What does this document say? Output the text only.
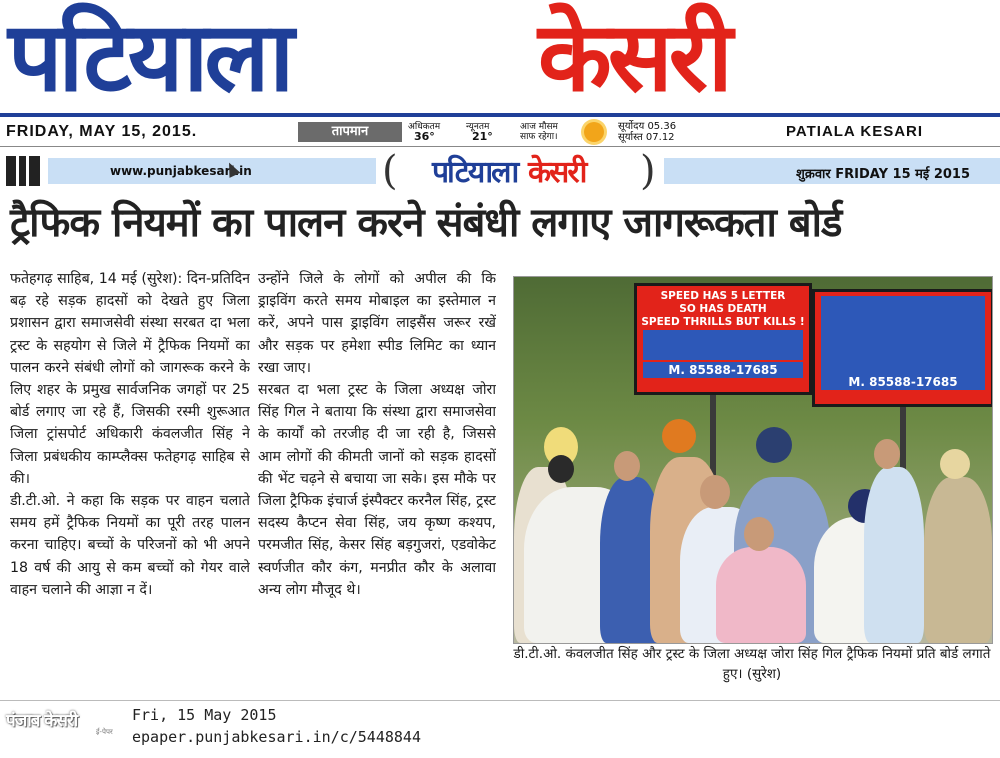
पटियाला	केसरी
FRIDAY, MAY 15, 2015.	तापमान	अधिकतम
36°
न्यूनतम
21°
आज मौसम
साफ रहेगा।
सूर्योदय 05.36
सूर्यास्त 07.12	PATIALA KESARI
www.punjabkesari.in	( पटियाला केसरी )	शुक्रवार FRIDAY 15 मई 2015
ट्रैफिक नियमों का पालन करने संबंधी लगाए जागरूकता बोर्ड

फतेहगढ़ साहिब, 14 मई (सुरेश): दिन-प्रतिदिन बढ़ रहे सड़क हादसों को देखते हुए जिला प्रशासन द्वारा समाजसेवी संस्था सरबत दा भला ट्रस्ट के सहयोग से जिले में ट्रैफिक नियमों का पालन करने संबंधी लोगों को जागरूक करने के लिए शहर के प्रमुख सार्वजनिक जगहों पर 25 बोर्ड लगाए जा रहे हैं, जिसकी रस्मी शुरूआत जिला ट्रांसपोर्ट अधिकारी कंवलजीत सिंह ने जिला प्रबंधकीय काम्प्लैक्स फतेहगढ़ साहिब से की।

डी.टी.ओ. ने कहा कि सड़क पर वाहन चलाते समय हमें ट्रैफिक नियमों का पूरी तरह पालन करना चाहिए। बच्चों के परिजनों को भी अपने 18 वर्ष की आयु से कम बच्चों को गेयर वाले वाहन चलाने की आज्ञा न दें।

उन्होंने जिले के लोगों को अपील की कि ड्राइविंग करते समय मोबाइल का इस्तेमाल न करें, अपने पास ड्राइविंग लाइसैंस जरूर रखें और सड़क पर हमेशा स्पीड लिमिट का ध्यान रखा जाए।

सरबत दा भला ट्रस्ट के जिला अध्यक्ष जोरा सिंह गिल ने बताया कि संस्था द्वारा समाजसेवा के कार्यों को तरजीह दी जा रही है, जिससे आम लोगों की कीमती जानों को सड़क हादसों की भेंट चढ़ने से बचाया जा सके। इस मौके पर जिला ट्रैफिक इंचार्ज इंस्पैक्टर करनैल सिंह, ट्रस्ट सदस्य कैप्टन सेवा सिंह, जय कृष्ण कश्यप, परमजीत सिंह, केसर सिंह बड़गुजरां, एडवोकेट स्वर्णजीत कौर कंग, मनप्रीत कौर के अलावा अन्य लोग मौजूद थे।

SPEED HAS 5 LETTER
SO HAS DEATH
SPEED THRILLS BUT KILLS !
M. 85588-17685
M. 85588-17685
डी.टी.ओ. कंवलजीत सिंह और ट्रस्ट के जिला अध्यक्ष जोरा सिंह गिल ट्रैफिक नियमों प्रति बोर्ड लगाते हुए। (सुरेश)
पंजाब केसरी
ई-पेपर
Fri, 15 May 2015
epaper.punjabkesari.in/c/5448844
